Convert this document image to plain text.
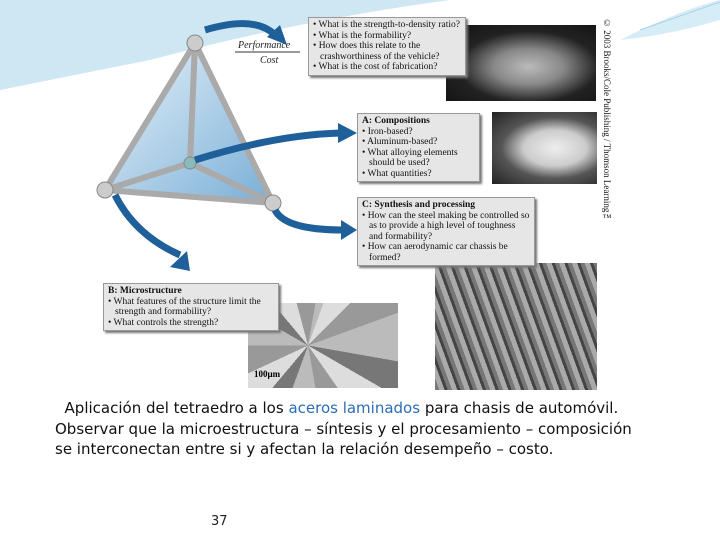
Performance
Cost
• What is the strength-to-density ratio?
• What is the formability?
• How does this relate to the crashworthiness of the vehicle?
• What is the cost of fabrication?
A: Compositions
• Iron-based?
• Aluminum-based?
• What alloying elements should be used?
• What quantities?
C: Synthesis and processing
• How can the steel making be controlled so as to provide a high level of toughness and formability?
• How can aerodynamic car chassis be formed?
B: Microstructure
• What features of the structure limit the strength and formability?
• What controls the strength?
100μm
© 2003 Brooks/Cole Publishing / Thomson Learning™
Aplicación del tetraedro a los aceros laminados para chasis de automóvil. Observar que la microestructura – síntesis y el procesamiento – composición se interconectan entre si y afectan la relación desempeño – costo.
37
